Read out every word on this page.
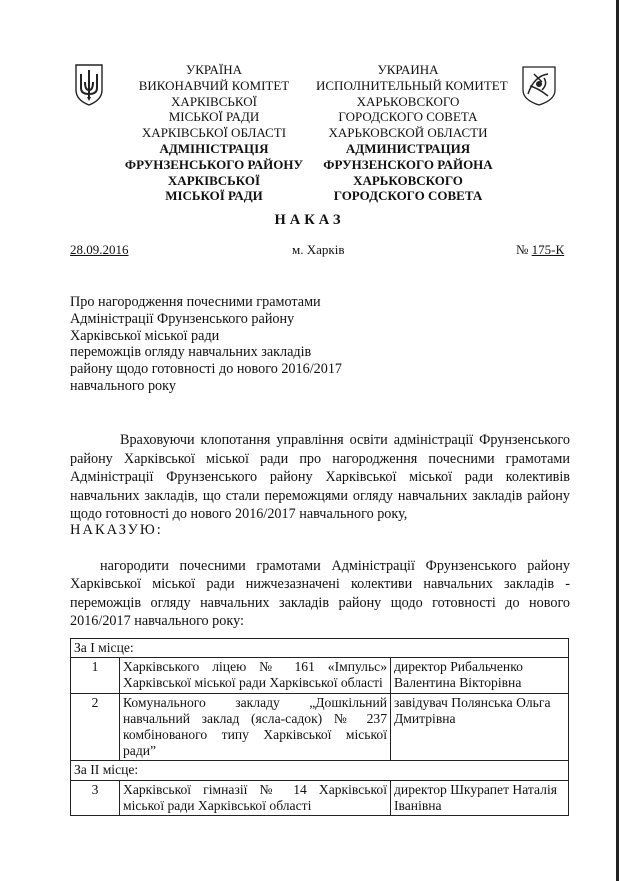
УКРАЇНА
ВИКОНАВЧИЙ КОМІТЕТ
ХАРКІВСЬКОЇ
МІСЬКОЇ РАДИ
ХАРКІВСЬКОЇ ОБЛАСТІ
АДМІНІСТРАЦІЯ
ФРУНЗЕНСЬКОГО РАЙОНУ
ХАРКІВСЬКОЇ
МІСЬКОЇ РАДИ
УКРАИНА
ИСПОЛНИТЕЛЬНЫЙ КОМИТЕТ
ХАРЬКОВСКОГО
ГОРОДСКОГО СОВЕТА
ХАРЬКОВСКОЙ ОБЛАСТИ
АДМИНИСТРАЦИЯ
ФРУНЗЕНСКОГО РАЙОНА
ХАРЬКОВСКОГО
ГОРОДСКОГО СОВЕТА
НАКАЗ
28.09.2016	м. Харків	№ 175-К
Про нагородження почесними грамотами
Адміністрації Фрунзенського району
Харківської міської ради
переможців огляду навчальних закладів
району щодо готовності до нового 2016/2017
навчального року
Враховуючи клопотання управління освіти адміністрації Фрунзенського району Харківської міської ради про нагородження почесними грамотами Адміністрації Фрунзенського району Харківської міської ради колективів навчальних закладів, що стали переможцями огляду навчальних закладів району щодо готовності до нового 2016/2017 навчального року,
НАКАЗУЮ:
нагородити почесними грамотами Адміністрації Фрунзенського району Харківської міської ради нижчезазначені колективи навчальних закладів - переможців огляду навчальних закладів району щодо готовності до нового 2016/2017 навчального року:
За І місце:		
1	Харківського ліцею № 161 «Імпульс» Харківської міської ради Харківської області	директор Рибальченко Валентина Вікторівна
2	Комунального закладу „Дошкільний навчальний заклад (ясла-садок) № 237 комбінованого типу Харківської міської ради”	завідувач Полянська Ольга Дмитрівна
За ІІ місце:		
3	Харківської гімназії № 14 Харківської міської ради Харківської області	директор Шкурапет Наталія Іванівна
